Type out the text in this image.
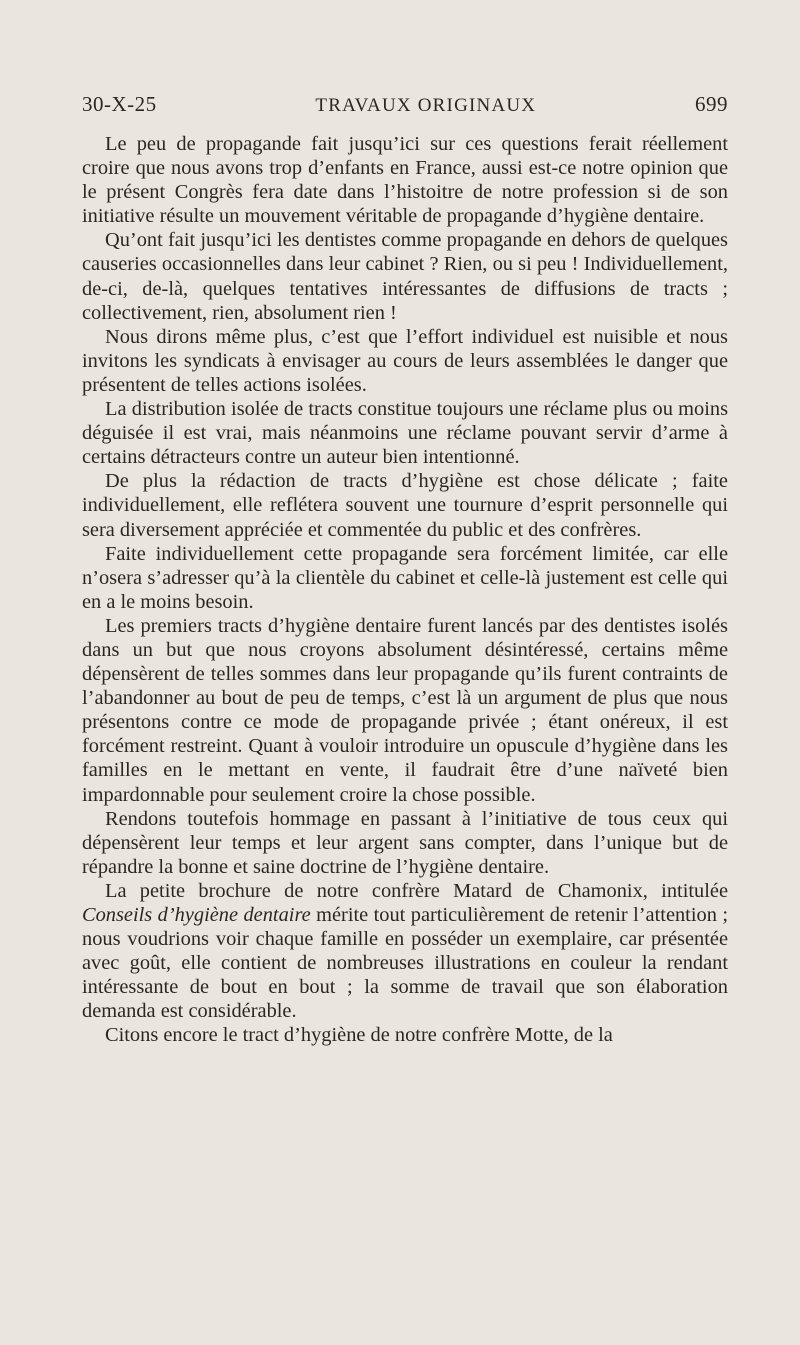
30-X-25	TRAVAUX ORIGINAUX	699

Le peu de propagande fait jusqu’ici sur ces questions ferait réellement croire que nous avons trop d’enfants en France, aussi est-ce notre opinion que le présent Congrès fera date dans l’histoitre de notre profession si de son initiative résulte un mouvement véritable de propagande d’hygiène dentaire.

Qu’ont fait jusqu’ici les dentistes comme propagande en dehors de quelques causeries occasionnelles dans leur cabinet ? Rien, ou si peu ! Individuellement, de-ci, de-là, quelques tentatives intéressantes de diffusions de tracts ; collectivement, rien, absolument rien !

Nous dirons même plus, c’est que l’effort individuel est nuisible et nous invitons les syndicats à envisager au cours de leurs assemblées le danger que présentent de telles actions isolées.

La distribution isolée de tracts constitue toujours une réclame plus ou moins déguisée il est vrai, mais néanmoins une réclame pouvant servir d’arme à certains détracteurs contre un auteur bien intentionné.

De plus la rédaction de tracts d’hygiène est chose délicate ; faite individuellement, elle reflétera souvent une tournure d’esprit personnelle qui sera diversement appréciée et commentée du public et des confrères.

Faite individuellement cette propagande sera forcément limitée, car elle n’osera s’adresser qu’à la clientèle du cabinet et celle-là justement est celle qui en a le moins besoin.

Les premiers tracts d’hygiène dentaire furent lancés par des dentistes isolés dans un but que nous croyons absolument désintéressé, certains même dépensèrent de telles sommes dans leur propagande qu’ils furent contraints de l’abandonner au bout de peu de temps, c’est là un argument de plus que nous présentons contre ce mode de propagande privée ; étant onéreux, il est forcément restreint. Quant à vouloir introduire un opuscule d’hygiène dans les familles en le mettant en vente, il faudrait être d’une naïveté bien impardonnable pour seulement croire la chose possible.

Rendons toutefois hommage en passant à l’initiative de tous ceux qui dépensèrent leur temps et leur argent sans compter, dans l’unique but de répandre la bonne et saine doctrine de l’hygiène dentaire.

La petite brochure de notre confrère Matard de Chamonix, intitulée Conseils d’hygiène dentaire mérite tout particulièrement de retenir l’attention ; nous voudrions voir chaque famille en posséder un exemplaire, car présentée avec goût, elle contient de nombreuses illustrations en couleur la rendant intéressante de bout en bout ; la somme de travail que son élaboration demanda est considérable.

Citons encore le tract d’hygiène de notre confrère Motte, de la
